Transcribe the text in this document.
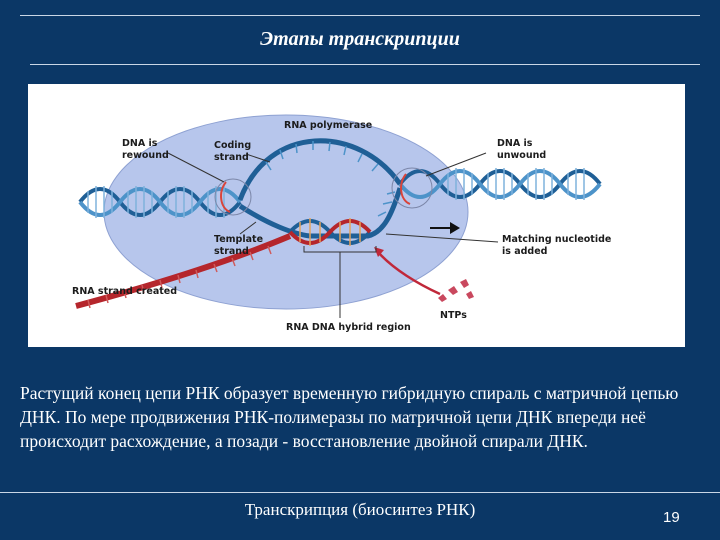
Этапы транскрипции
RNA polymerase
Coding
strand
DNA is
rewound
DNA is
unwound
Template
strand
Matching nucleotide
is added
RNA strand created
RNA DNA hybrid region
NTPs
Растущий конец цепи РНК образует временную гибридную спираль с матричной цепью ДНК. По мере продвижения РНК-полимеразы по матричной цепи ДНК впереди неё происходит расхождение, а позади - восстановление двойной спирали ДНК.
Транскрипция (биосинтез РНК)	19
